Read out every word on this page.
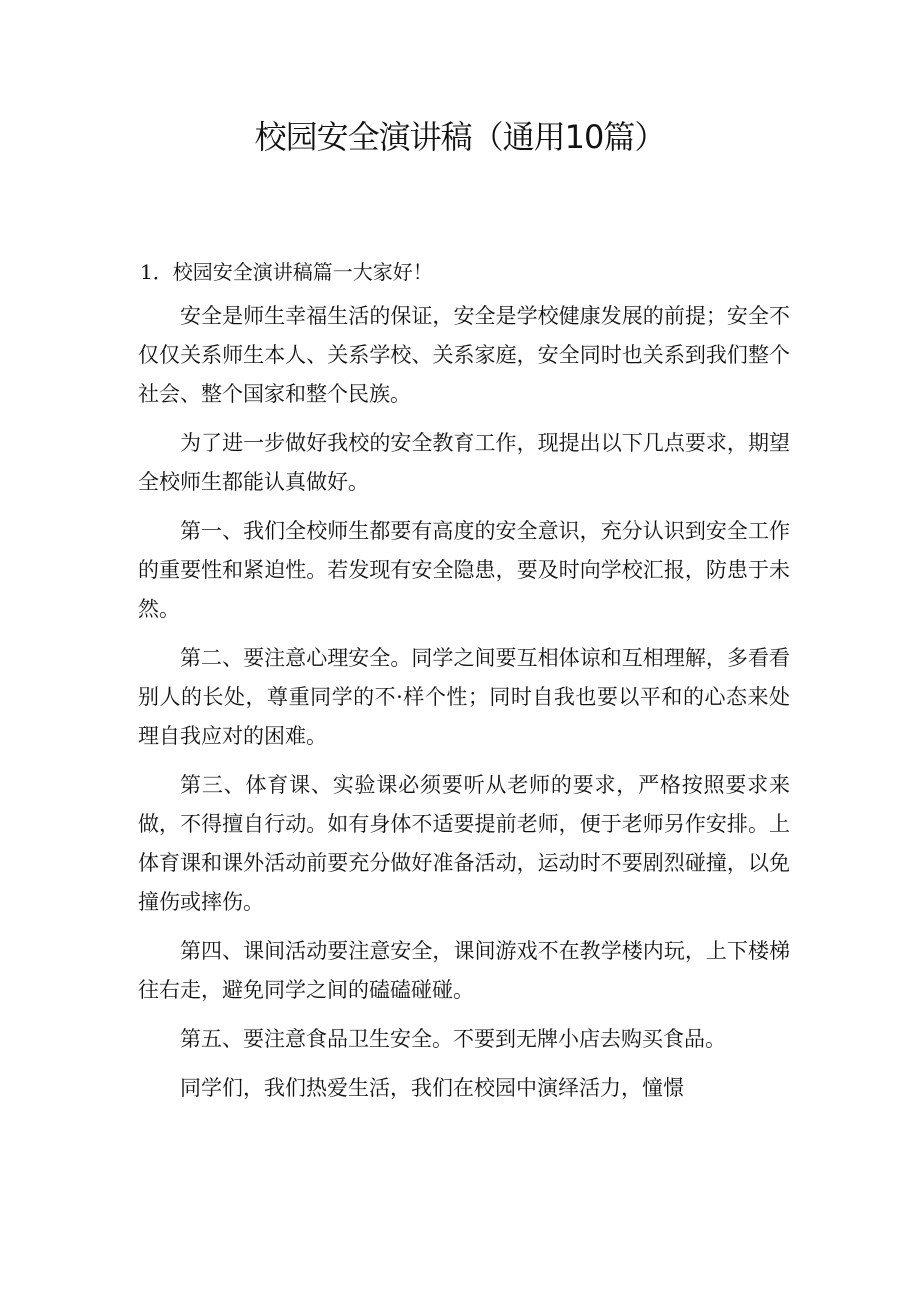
校园安全演讲稿（通用10篇）
1．校园安全演讲稿篇一大家好！

安全是师生幸福生活的保证，安全是学校健康发展的前提；安全不仅仅关系师生本人、关系学校、关系家庭，安全同时也关系到我们整个社会、整个国家和整个民族。

为了进一步做好我校的安全教育工作，现提出以下几点要求，期望全校师生都能认真做好。

第一、我们全校师生都要有高度的安全意识，充分认识到安全工作的重要性和紧迫性。若发现有安全隐患，要及时向学校汇报，防患于未然。

第二、要注意心理安全。同学之间要互相体谅和互相理解，多看看别人的长处，尊重同学的不·样个性；同时自我也要以平和的心态来处理自我应对的困难。

第三、体育课、实验课必须要听从老师的要求，严格按照要求来做，不得擅自行动。如有身体不适要提前老师，便于老师另作安排。上体育课和课外活动前要充分做好准备活动，运动时不要剧烈碰撞，以免撞伤或摔伤。

第四、课间活动要注意安全，课间游戏不在教学楼内玩，上下楼梯往右走，避免同学之间的磕磕碰碰。

第五、要注意食品卫生安全。不要到无牌小店去购买食品。

同学们，我们热爱生活，我们在校园中演绎活力，憧憬
